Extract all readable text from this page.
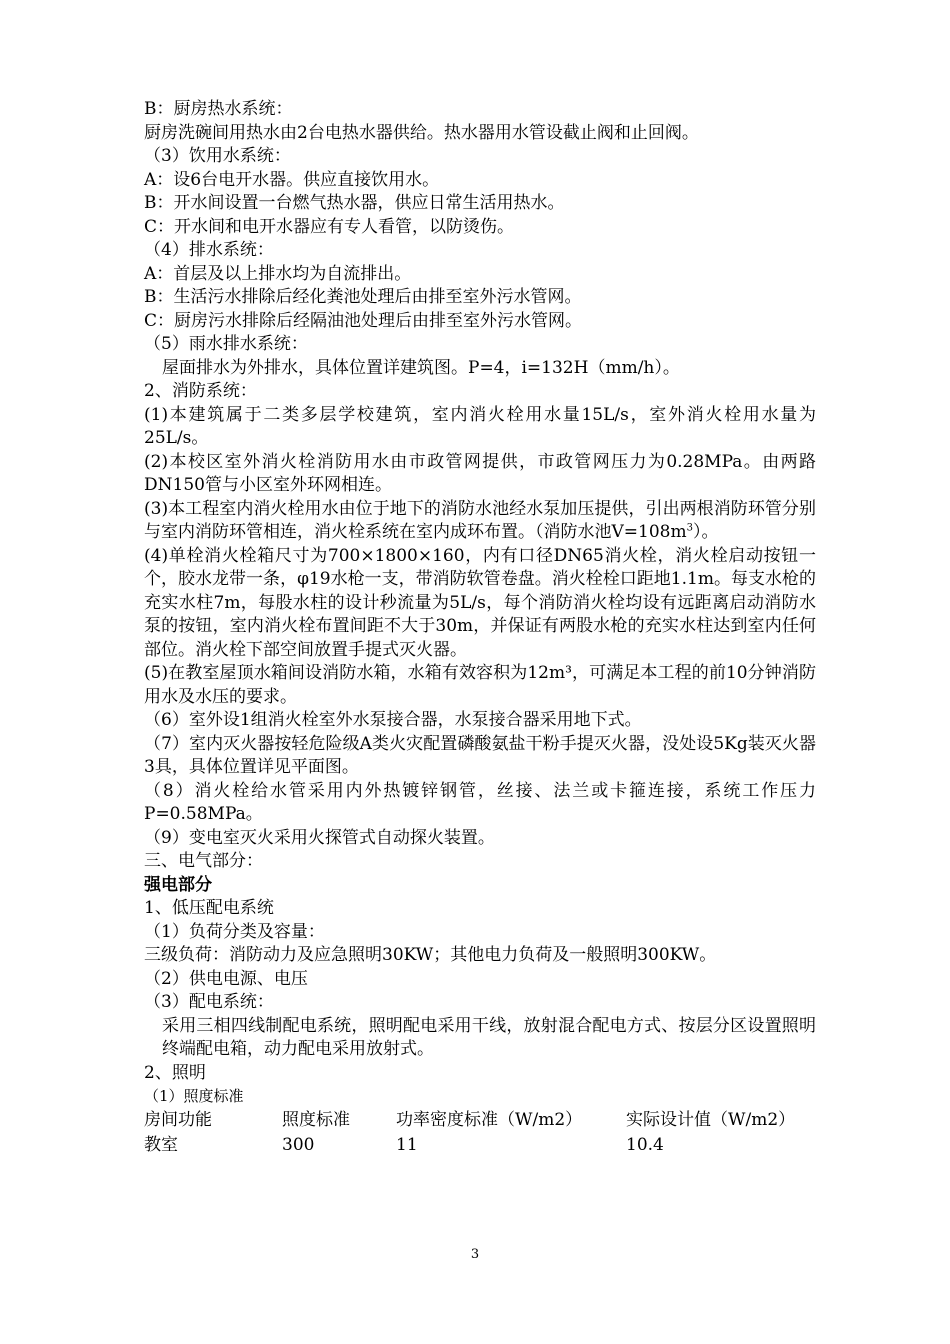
B：厨房热水系统：

厨房洗碗间用热水由2台电热水器供给。热水器用水管设截止阀和止回阀。

（3）饮用水系统：

A：设6台电开水器。供应直接饮用水。

B：开水间设置一台燃气热水器，供应日常生活用热水。

C：开水间和电开水器应有专人看管，以防烫伤。

（4）排水系统：

A：首层及以上排水均为自流排出。

B：生活污水排除后经化粪池处理后由排至室外污水管网。

C：厨房污水排除后经隔油池处理后由排至室外污水管网。

（5）雨水排水系统：

屋面排水为外排水，具体位置详建筑图。P=4，i=132H（mm/h）。

2、消防系统：

(1)本建筑属于二类多层学校建筑，室内消火栓用水量15L/s，室外消火栓用水量为25L/s。

(2)本校区室外消火栓消防用水由市政管网提供，市政管网压力为0.28MPa。由两路DN150管与小区室外环网相连。

(3)本工程室内消火栓用水由位于地下的消防水池经水泵加压提供，引出两根消防环管分别与室内消防环管相连，消火栓系统在室内成环布置。（消防水池$V=108m^3$）。

(4)单栓消火栓箱尺寸为700×1800×160，内有口径DN65消火栓，消火栓启动按钮一个，胶水龙带一条，φ19水枪一支，带消防软管卷盘。消火栓栓口距地1.1m。每支水枪的充实水柱7m，每股水柱的设计秒流量为5L/s，每个消防消火栓均设有远距离启动消防水泵的按钮，室内消火栓布置间距不大于30m，并保证有两股水枪的充实水柱达到室内任何部位。消火栓下部空间放置手提式灭火器。

(5)在教室屋顶水箱间设消防水箱，水箱有效容积为12m³，可满足本工程的前10分钟消防用水及水压的要求。

（6）室外设1组消火栓室外水泵接合器，水泵接合器采用地下式。

（7）室内灭火器按轻危险级A类火灾配置磷酸氨盐干粉手提灭火器，没处设5Kg装灭火器3具，具体位置详见平面图。

（8）消火栓给水管采用内外热镀锌钢管，丝接、法兰或卡箍连接，系统工作压力P=0.58MPa。

（9）变电室灭火采用火探管式自动探火装置。

三、电气部分：

强电部分

1、低压配电系统

（1）负荷分类及容量：

三级负荷：消防动力及应急照明30KW；其他电力负荷及一般照明300KW。

（2）供电电源、电压

（3）配电系统：

采用三相四线制配电系统，照明配电采用干线，放射混合配电方式、按层分区设置照明终端配电箱，动力配电采用放射式。

2、照明

（1）照度标准

房间功能	照度标准	功率密度标准（W/m2）	实际设计值（W/m2）
教室	300	11	10.4
3
